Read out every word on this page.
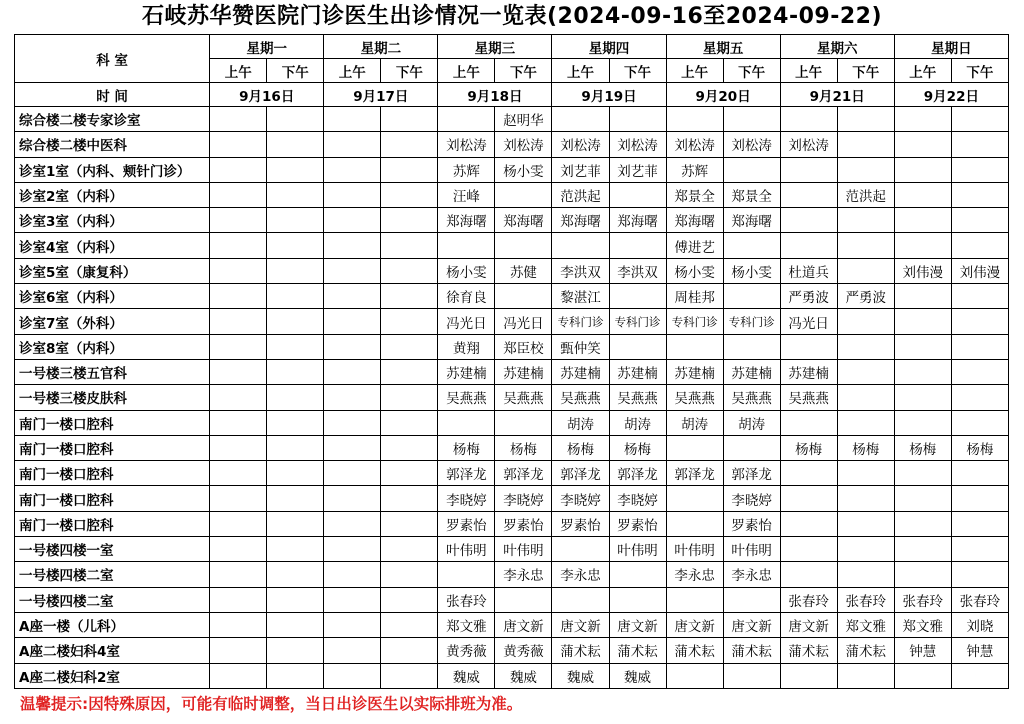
石岐苏华赞医院门诊医生出诊情况一览表(2024-09-16至2024-09-22)
科 室	星期一		星期二		星期三		星期四		星期五		星期六		星期日	
	上午	下午	上午	下午	上午	下午	上午	下午	上午	下午	上午	下午	上午	下午
时 间	9月16日		9月17日		9月18日		9月19日		9月20日		9月21日		9月22日	
综合楼二楼专家诊室						赵明华								
综合楼二楼中医科					刘松涛	刘松涛	刘松涛	刘松涛	刘松涛	刘松涛	刘松涛			
诊室1室（内科、颊针门诊）					苏辉	杨小雯	刘艺菲	刘艺菲	苏辉					
诊室2室（内科）					汪峰		范洪起		郑景全	郑景全		范洪起		
诊室3室（内科）					郑海曙	郑海曙	郑海曙	郑海曙	郑海曙	郑海曙				
诊室4室（内科）									傅进艺					
诊室5室（康复科）					杨小雯	苏健	李洪双	李洪双	杨小雯	杨小雯	杜道兵		刘伟漫	刘伟漫
诊室6室（内科）					徐育良		黎湛江		周桂邦		严勇波	严勇波		
诊室7室（外科）					冯光日	冯光日	专科门诊	专科门诊	专科门诊	专科门诊	冯光日			
诊室8室（内科）					黄翔	郑臣校	甄仲笑							
一号楼三楼五官科					苏建楠	苏建楠	苏建楠	苏建楠	苏建楠	苏建楠	苏建楠			
一号楼三楼皮肤科					吴燕燕	吴燕燕	吴燕燕	吴燕燕	吴燕燕	吴燕燕	吴燕燕			
南门一楼口腔科							胡涛	胡涛	胡涛	胡涛				
南门一楼口腔科					杨梅	杨梅	杨梅	杨梅			杨梅	杨梅	杨梅	杨梅
南门一楼口腔科					郭泽龙	郭泽龙	郭泽龙	郭泽龙	郭泽龙	郭泽龙				
南门一楼口腔科					李晓婷	李晓婷	李晓婷	李晓婷		李晓婷				
南门一楼口腔科					罗素怡	罗素怡	罗素怡	罗素怡		罗素怡				
一号楼四楼一室					叶伟明	叶伟明		叶伟明	叶伟明	叶伟明				
一号楼四楼二室						李永忠	李永忠		李永忠	李永忠				
一号楼四楼二室					张春玲						张春玲	张春玲	张春玲	张春玲
A座一楼（儿科）					郑文雅	唐文新	唐文新	唐文新	唐文新	唐文新	唐文新	郑文雅	郑文雅	刘晓
A座二楼妇科4室					黄秀薇	黄秀薇	蒲术耘	蒲术耘	蒲术耘	蒲术耘	蒲术耘	蒲术耘	钟慧	钟慧
A座二楼妇科2室					魏威	魏威	魏威	魏威						
温馨提示:因特殊原因，可能有临时调整，当日出诊医生以实际排班为准。
